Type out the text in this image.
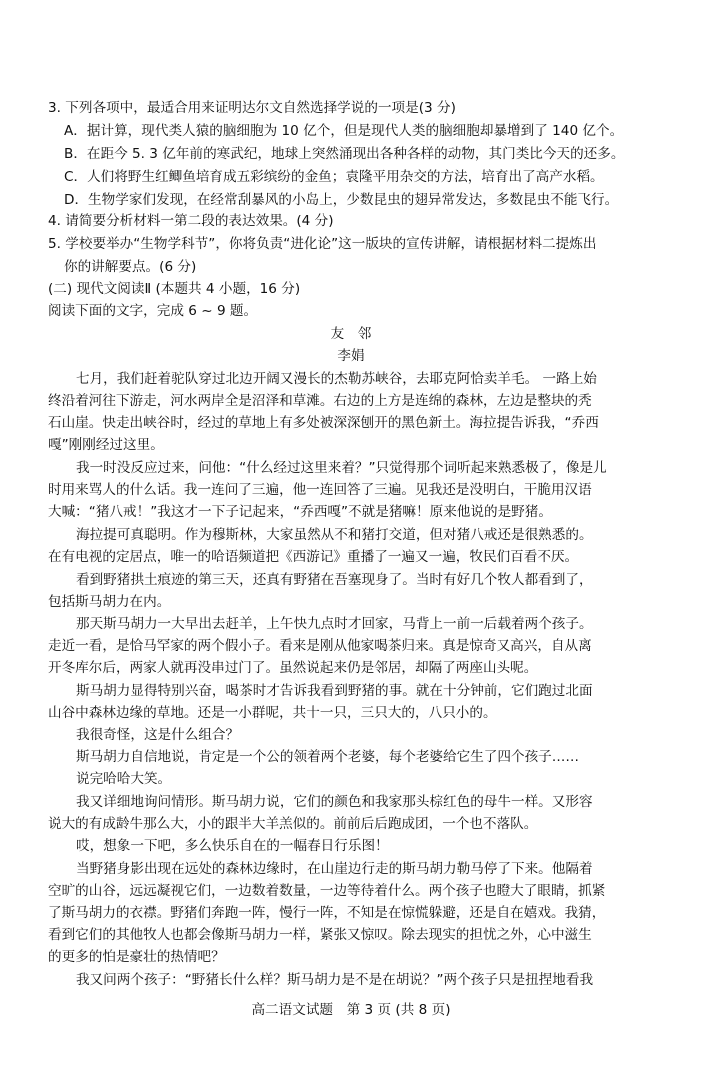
3. 下列各项中，最适合用来证明达尔文自然选择学说的一项是(3 分)
A．据计算，现代类人猿的脑细胞为 10 亿个，但是现代人类的脑细胞却暴增到了 140 亿个。
B．在距今 5. 3 亿年前的寒武纪，地球上突然涌现出各种各样的动物，其门类比今天的还多。
C．人们将野生红鲫鱼培育成五彩缤纷的金鱼；袁隆平用杂交的方法，培育出了高产水稻。
D．生物学家们发现，在经常刮暴风的小岛上，少数昆虫的翅异常发达，多数昆虫不能飞行。
4. 请简要分析材料一第二段的表达效果。(4 分)
5. 学校要举办“生物学科节”，你将负责“进化论”这一版块的宣传讲解，请根据材料二提炼出
你的讲解要点。(6 分)
(二) 现代文阅读Ⅱ (本题共 4 小题，16 分)
阅读下面的文字，完成 6 ~ 9 题。
友　邻
李娟
七月，我们赶着驼队穿过北边开阔又漫长的杰勒苏峡谷，去耶克阿恰卖羊毛。 一路上始
终沿着河往下游走，河水两岸全是沼泽和草滩。右边的上方是连绵的森林，左边是整块的秃
石山崖。快走出峡谷时，经过的草地上有多处被深深刨开的黑色新土。海拉提告诉我，“乔西
嘎”刚刚经过这里。
我一时没反应过来，问他：“什么经过这里来着？”只觉得那个词听起来熟悉极了，像是儿
时用来骂人的什么话。我一连问了三遍，他一连回答了三遍。见我还是没明白，干脆用汉语
大喊：“猪八戒！”我这才一下子记起来，“乔西嘎”不就是猪嘛！原来他说的是野猪。
海拉提可真聪明。作为穆斯林，大家虽然从不和猪打交道，但对猪八戒还是很熟悉的。
在有电视的定居点，唯一的哈语频道把《西游记》重播了一遍又一遍，牧民们百看不厌。
看到野猪拱土痕迹的第三天，还真有野猪在吾塞现身了。当时有好几个牧人都看到了，
包括斯马胡力在内。
那天斯马胡力一大早出去赶羊，上午快九点时才回家，马背上一前一后载着两个孩子。
走近一看，是恰马罕家的两个假小子。看来是刚从他家喝茶归来。真是惊奇又高兴，自从离
开冬库尔后，两家人就再没串过门了。虽然说起来仍是邻居，却隔了两座山头呢。
斯马胡力显得特别兴奋，喝茶时才告诉我看到野猪的事。就在十分钟前，它们跑过北面
山谷中森林边缘的草地。还是一小群呢，共十一只，三只大的，八只小的。
我很奇怪，这是什么组合？
斯马胡力自信地说，肯定是一个公的领着两个老婆，每个老婆给它生了四个孩子……
说完哈哈大笑。
我又详细地询问情形。斯马胡力说，它们的颜色和我家那头棕红色的母牛一样。又形容
说大的有成龄牛那么大，小的跟半大羊羔似的。前前后后跑成团，一个也不落队。
哎，想象一下吧，多么快乐自在的一幅春日行乐图！
当野猪身影出现在远处的森林边缘时，在山崖边行走的斯马胡力勒马停了下来。他隔着
空旷的山谷，远远凝视它们，一边数着数量，一边等待着什么。两个孩子也瞪大了眼睛，抓紧
了斯马胡力的衣襟。野猪们奔跑一阵，慢行一阵，不知是在惊慌躲避，还是自在嬉戏。我猜，
看到它们的其他牧人也都会像斯马胡力一样，紧张又惊叹。除去现实的担忧之外，心中滋生
的更多的怕是豪壮的热情吧？
我又问两个孩子：“野猪长什么样？斯马胡力是不是在胡说？”两个孩子只是扭捏地看我
高二语文试题　第 3 页 (共 8 页)
